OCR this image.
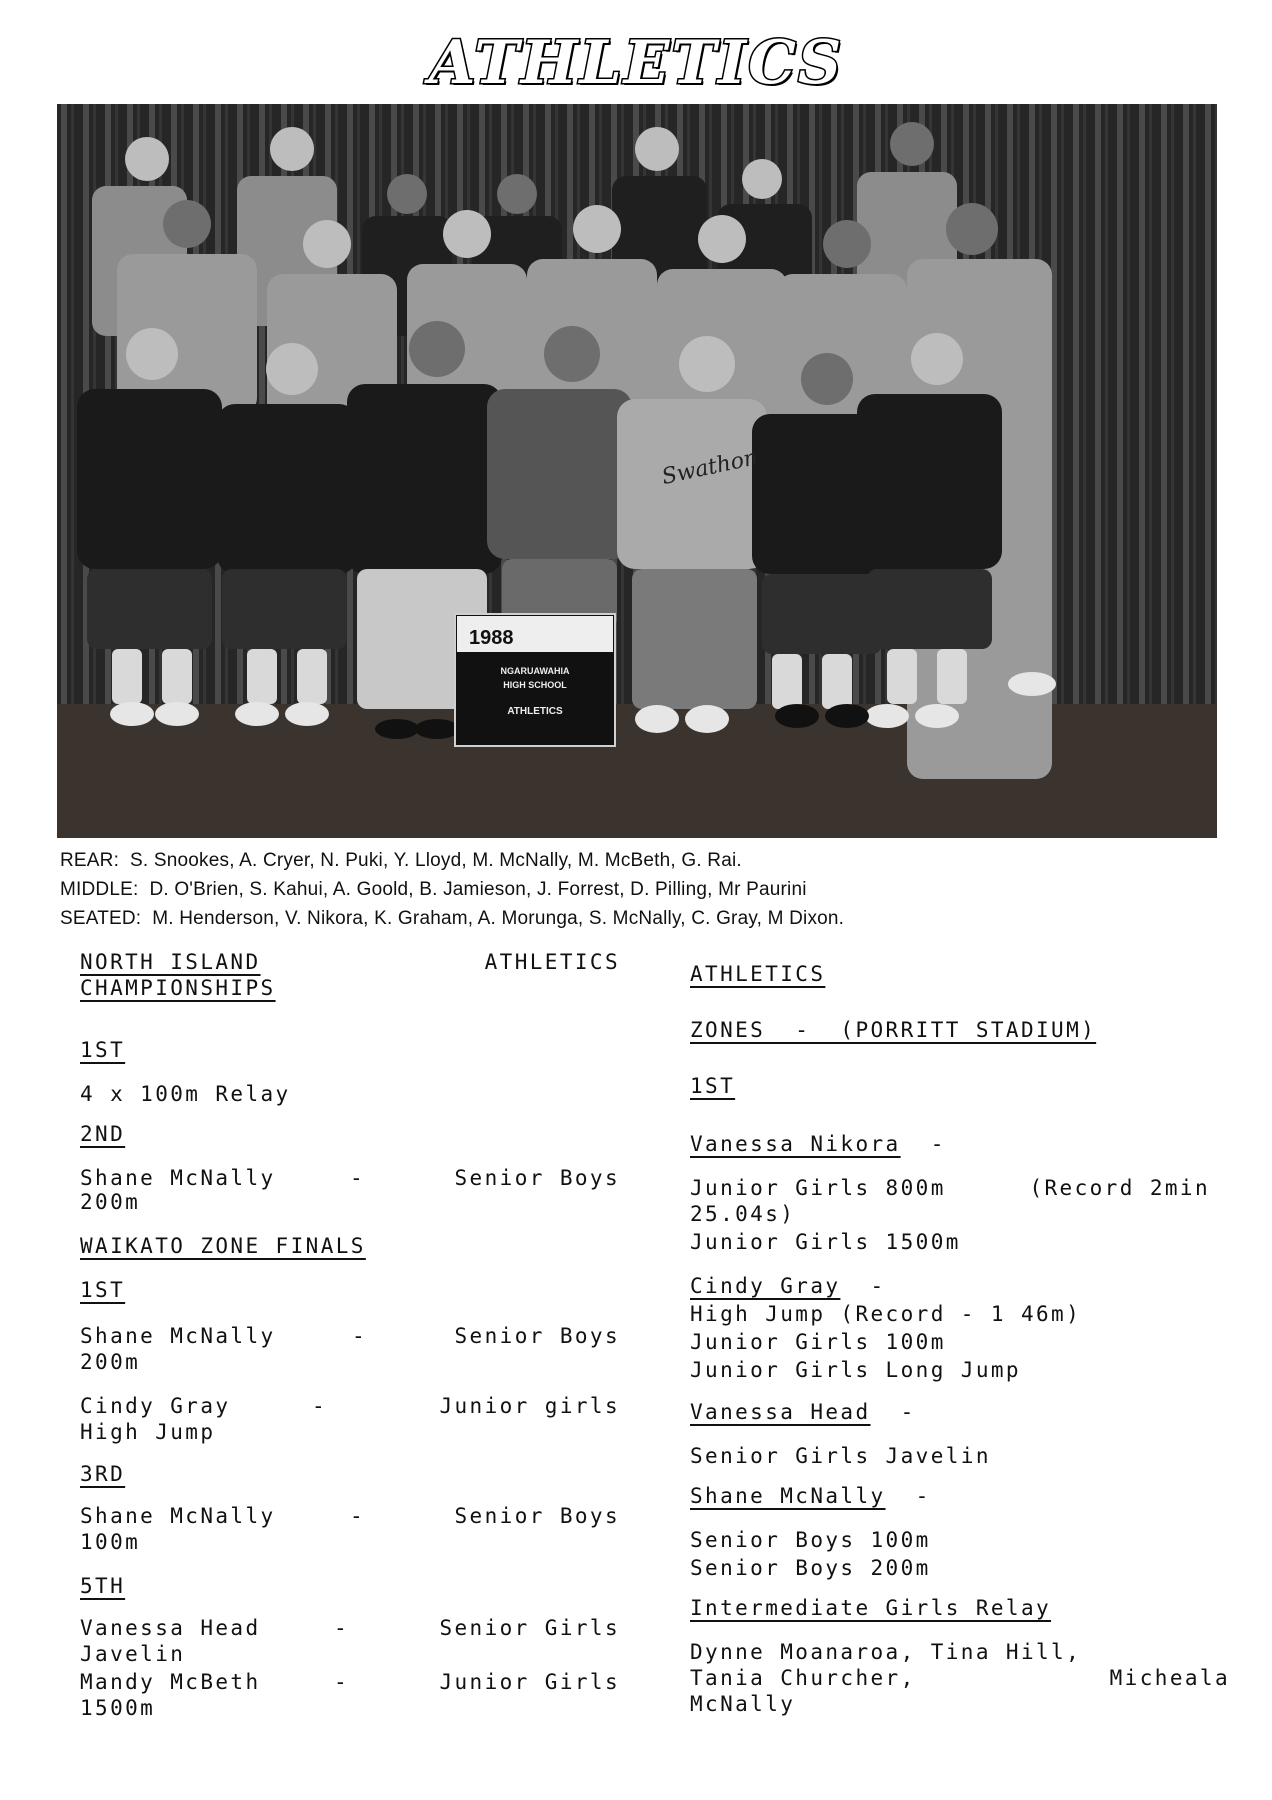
ATHLETICS
1988
NGARUAWAHIA
HIGH SCHOOL
ATHLETICS
Swathon
REAR: S. Snookes, A. Cryer, N. Puki, Y. Lloyd, M. McNally, M. McBeth, G. Rai.
MIDDLE: D. O'Brien, S. Kahui, A. Goold, B. Jamieson, J. Forrest, D. Pilling, Mr Paurini
SEATED: M. Henderson, V. Nikora, K. Graham, A. Morunga, S. McNally, C. Gray, M Dixon.
NORTH ISLAND	ATHLETICS
CHAMPIONSHIPS
1ST
4 x 100m Relay
2ND
Shane McNally	-	Senior Boys
200m
WAIKATO ZONE FINALS
1ST
Shane McNally	-	Senior Boys
200m
Cindy Gray	-	Junior girls
High Jump
3RD
Shane McNally	-	Senior Boys
100m
5TH
Vanessa Head	-	Senior Girls
Javelin
Mandy McBeth	-	Junior Girls
1500m
ATHLETICS
ZONES  -  (PORRITT STADIUM)
1ST
Vanessa Nikora -
Junior Girls 800m	(Record 2min
25.04s)
Junior Girls 1500m
Cindy Gray -
High Jump (Record - 1 46m)
Junior Girls 100m
Junior Girls Long Jump
Vanessa Head -
Senior Girls Javelin
Shane McNally -
Senior Boys 100m
Senior Boys 200m
Intermediate Girls Relay
Dynne Moanaroa, Tina Hill,
Tania Churcher,	Micheala
McNally
